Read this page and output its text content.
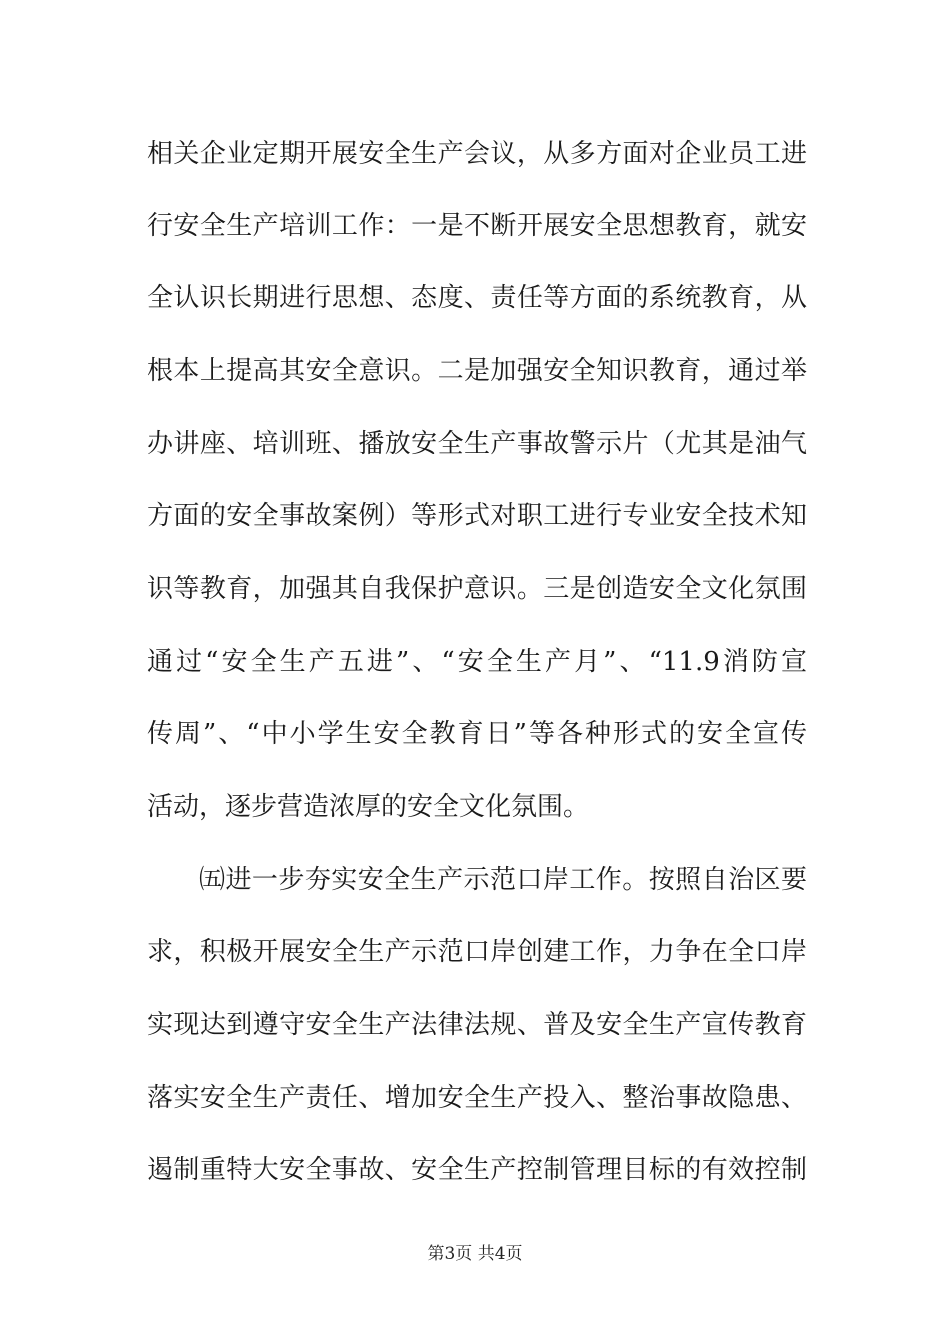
相关企业定期开展安全生产会议，从多方面对企业员工进
行安全生产培训工作：一是不断开展安全思想教育，就安
全认识长期进行思想、态度、责任等方面的系统教育，从
根本上提高其安全意识。二是加强安全知识教育，通过举
办讲座、培训班、播放安全生产事故警示片（尤其是油气
方面的安全事故案例）等形式对职工进行专业安全技术知
识等教育，加强其自我保护意识。三是创造安全文化氛围
通过“安全生产五进”、“安全生产月”、“11.9消防宣
传周”、“中小学生安全教育日”等各种形式的安全宣传
活动，逐步营造浓厚的安全文化氛围。
㈤进一步夯实安全生产示范口岸工作。按照自治区要
求，积极开展安全生产示范口岸创建工作，力争在全口岸
实现达到遵守安全生产法律法规、普及安全生产宣传教育
落实安全生产责任、增加安全生产投入、整治事故隐患、
遏制重特大安全事故、安全生产控制管理目标的有效控制
第3页 共4页
